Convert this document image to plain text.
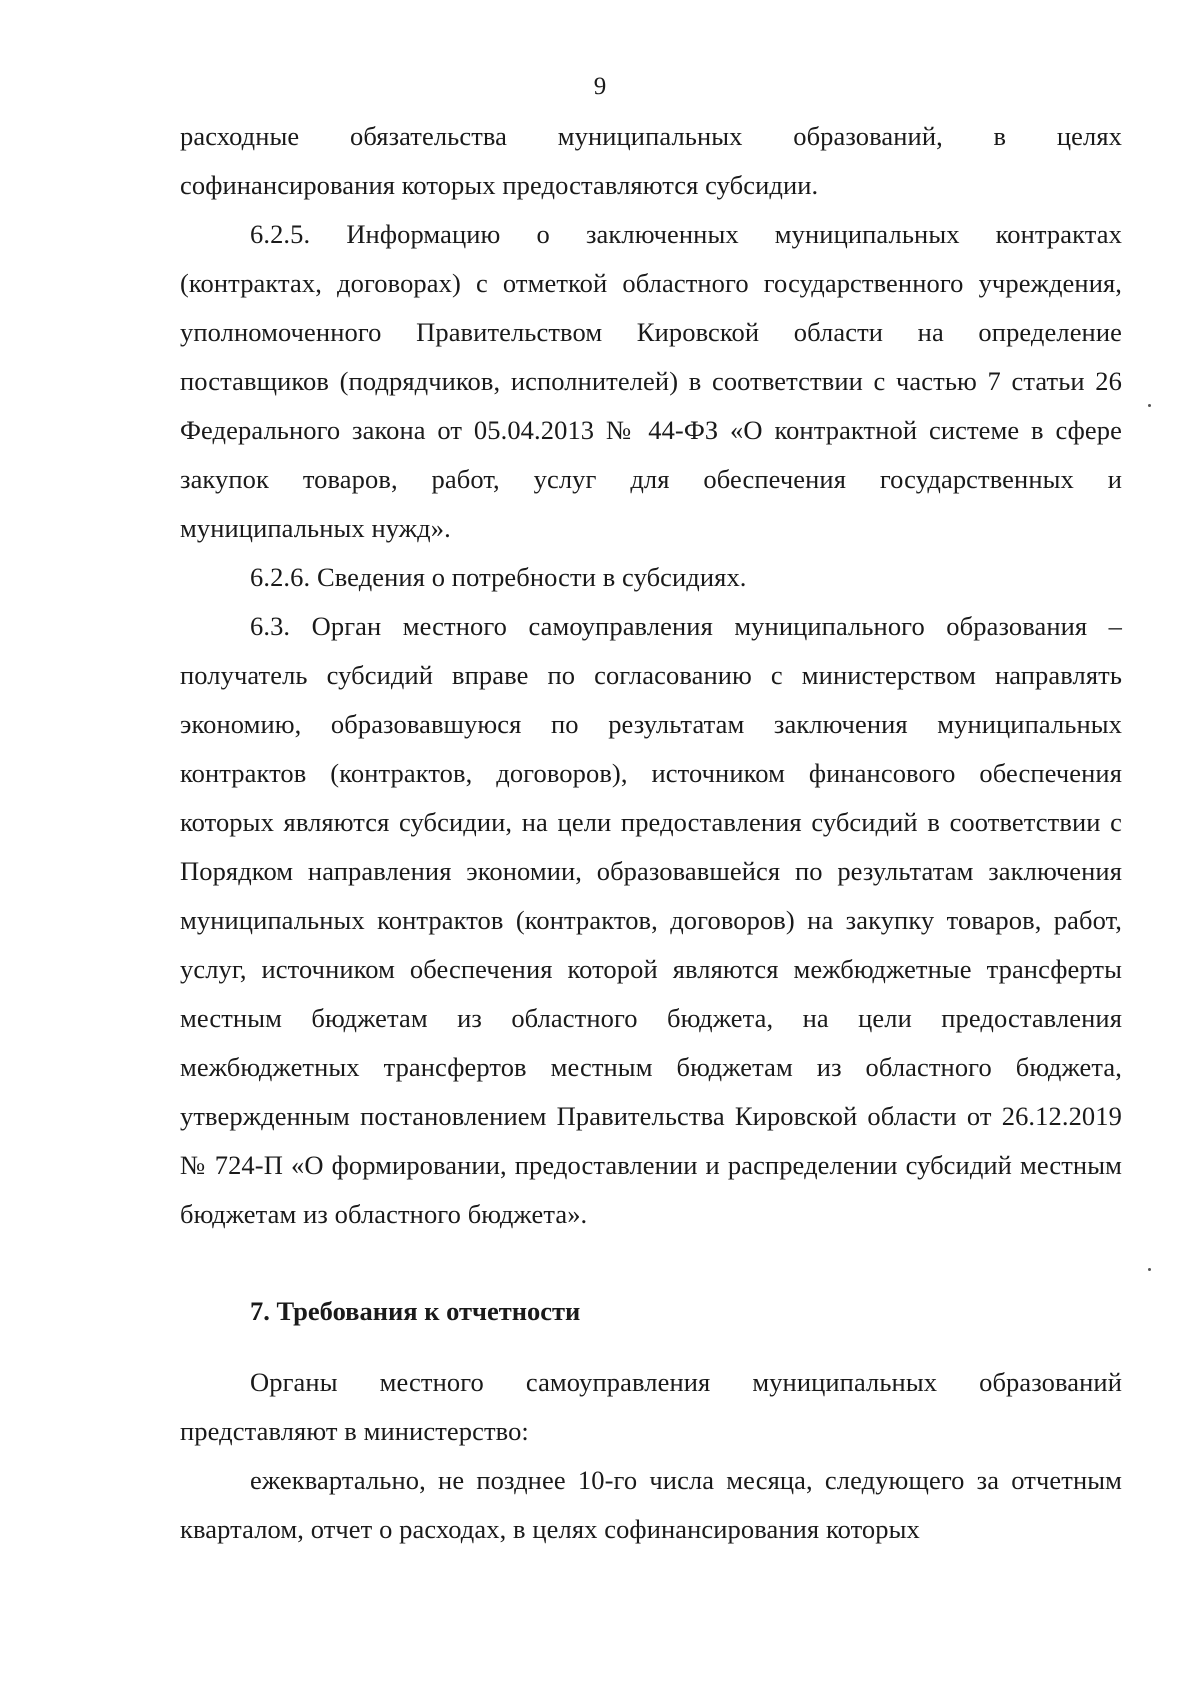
9

расходные обязательства муниципальных образований, в целях софинансирования которых предоставляются субсидии.

6.2.5. Информацию о заключенных муниципальных контрактах (контрактах, договорах) с отметкой областного государственного учреждения, уполномоченного Правительством Кировской области на определение поставщиков (подрядчиков, исполнителей) в соответствии с частью 7 статьи 26 Федерального закона от 05.04.2013 № 44-ФЗ «О контрактной системе в сфере закупок товаров, работ, услуг для обеспечения государственных и муниципальных нужд».

6.2.6. Сведения о потребности в субсидиях.

6.3. Орган местного самоуправления муниципального образования – получатель субсидий вправе по согласованию с министерством направлять экономию, образовавшуюся по результатам заключения муниципальных контрактов (контрактов, договоров), источником финансового обеспечения которых являются субсидии, на цели предоставления субсидий в соответствии с Порядком направления экономии, образовавшейся по результатам заключения муниципальных контрактов (контрактов, договоров) на закупку товаров, работ, услуг, источником обеспечения которой являются межбюджетные трансферты местным бюджетам из областного бюджета, на цели предоставления межбюджетных трансфертов местным бюджетам из областного бюджета, утвержденным постановлением Правительства Кировской области от 26.12.2019 № 724-П «О формировании, предоставлении и распределении субсидий местным бюджетам из областного бюджета».

7. Требования к отчетности

Органы местного самоуправления муниципальных образований представляют в министерство:

ежеквартально, не позднее 10-го числа месяца, следующего за отчетным кварталом, отчет о расходах, в целях софинансирования которых
